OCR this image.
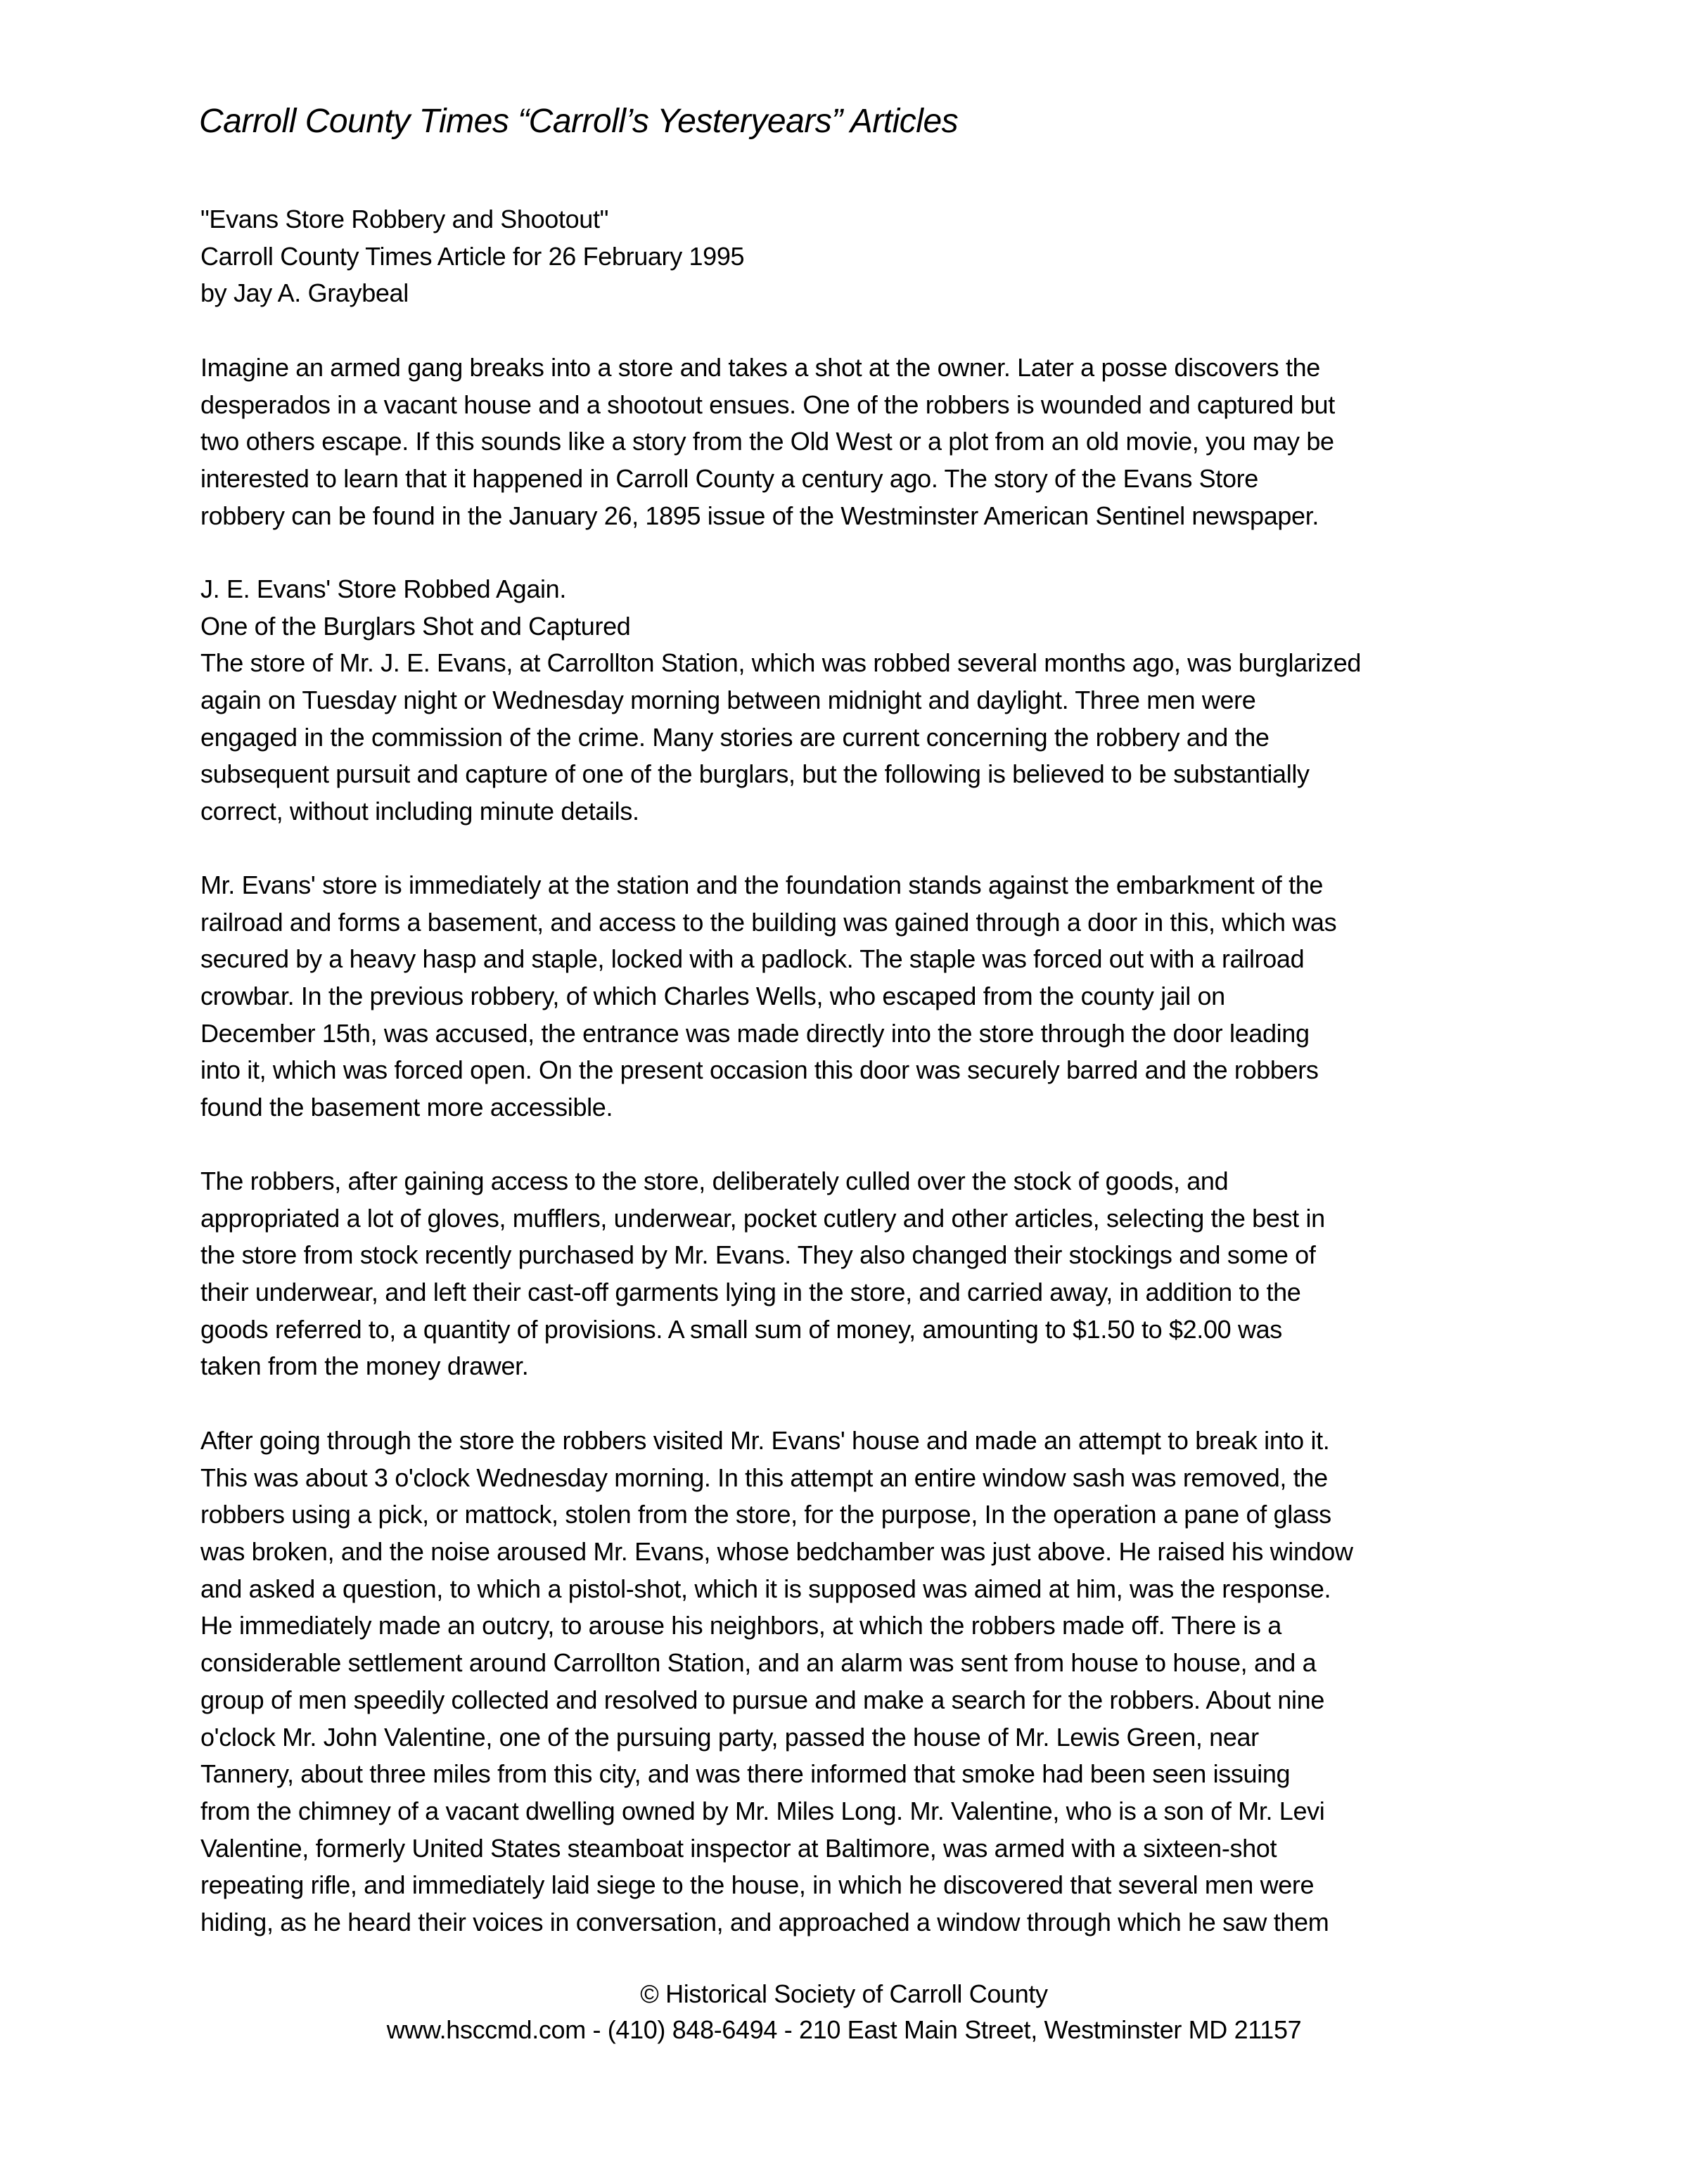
Carroll County Times “Carroll’s Yesteryears” Articles
"Evans Store Robbery and Shootout"
Carroll County Times Article for 26 February 1995
by Jay A. Graybeal
Imagine an armed gang breaks into a store and takes a shot at the owner. Later a posse discovers the
desperados in a vacant house and a shootout ensues. One of the robbers is wounded and captured but
two others escape. If this sounds like a story from the Old West or a plot from an old movie, you may be
interested to learn that it happened in Carroll County a century ago. The story of the Evans Store
robbery can be found in the January 26, 1895 issue of the Westminster American Sentinel newspaper.
J. E. Evans' Store Robbed Again.
One of the Burglars Shot and Captured
The store of Mr. J. E. Evans, at Carrollton Station, which was robbed several months ago, was burglarized
again on Tuesday night or Wednesday morning between midnight and daylight. Three men were
engaged in the commission of the crime. Many stories are current concerning the robbery and the
subsequent pursuit and capture of one of the burglars, but the following is believed to be substantially
correct, without including minute details.
Mr. Evans' store is immediately at the station and the foundation stands against the embarkment of the
railroad and forms a basement, and access to the building was gained through a door in this, which was
secured by a heavy hasp and staple, locked with a padlock. The staple was forced out with a railroad
crowbar. In the previous robbery, of which Charles Wells, who escaped from the county jail on
December 15th, was accused, the entrance was made directly into the store through the door leading
into it, which was forced open. On the present occasion this door was securely barred and the robbers
found the basement more accessible.
The robbers, after gaining access to the store, deliberately culled over the stock of goods, and
appropriated a lot of gloves, mufflers, underwear, pocket cutlery and other articles, selecting the best in
the store from stock recently purchased by Mr. Evans. They also changed their stockings and some of
their underwear, and left their cast-off garments lying in the store, and carried away, in addition to the
goods referred to, a quantity of provisions. A small sum of money, amounting to $1.50 to $2.00 was
taken from the money drawer.
After going through the store the robbers visited Mr. Evans' house and made an attempt to break into it.
This was about 3 o'clock Wednesday morning. In this attempt an entire window sash was removed, the
robbers using a pick, or mattock, stolen from the store, for the purpose, In the operation a pane of glass
was broken, and the noise aroused Mr. Evans, whose bedchamber was just above. He raised his window
and asked a question, to which a pistol-shot, which it is supposed was aimed at him, was the response.
He immediately made an outcry, to arouse his neighbors, at which the robbers made off. There is a
considerable settlement around Carrollton Station, and an alarm was sent from house to house, and a
group of men speedily collected and resolved to pursue and make a search for the robbers. About nine
o'clock Mr. John Valentine, one of the pursuing party, passed the house of Mr. Lewis Green, near
Tannery, about three miles from this city, and was there informed that smoke had been seen issuing
from the chimney of a vacant dwelling owned by Mr. Miles Long. Mr. Valentine, who is a son of Mr. Levi
Valentine, formerly United States steamboat inspector at Baltimore, was armed with a sixteen-shot
repeating rifle, and immediately laid siege to the house, in which he discovered that several men were
hiding, as he heard their voices in conversation, and approached a window through which he saw them
© Historical Society of Carroll County
www.hsccmd.com - (410) 848-6494 - 210 East Main Street, Westminster MD 21157
